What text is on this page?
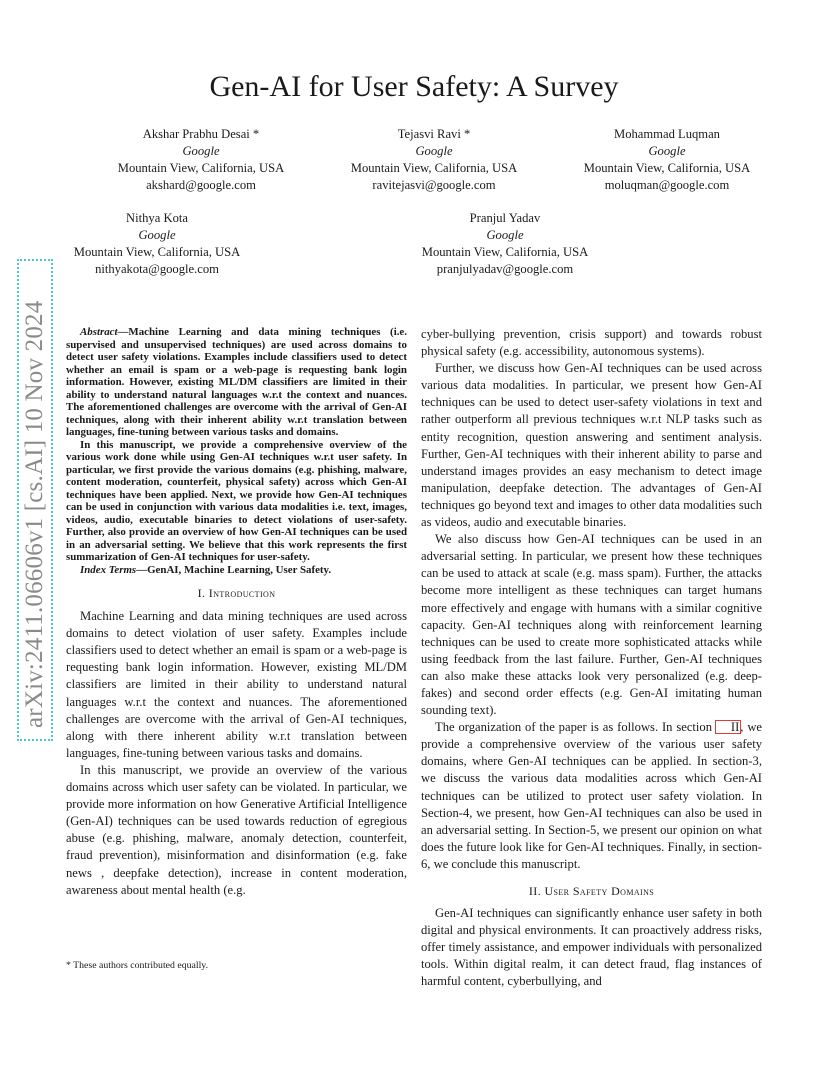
Gen-AI for User Safety: A Survey
Akshar Prabhu Desai *
Google
Mountain View, California, USA
akshard@google.com
Tejasvi Ravi *
Google
Mountain View, California, USA
ravitejasvi@google.com
Mohammad Luqman
Google
Mountain View, California, USA
moluqman@google.com
Nithya Kota
Google
Mountain View, California, USA
nithyakota@google.com
Pranjul Yadav
Google
Mountain View, California, USA
pranjulyadav@google.com
arXiv:2411.06606v1 [cs.AI] 10 Nov 2024	Abstract—Machine Learning and data mining techniques (i.e. supervised and unsupervised techniques) are used across domains to detect user safety violations. Examples include classifiers used to detect whether an email is spam or a web-page is requesting bank login information. However, existing ML/DM classifiers are limited in their ability to understand natural languages w.r.t the context and nuances. The aforementioned challenges are overcome with the arrival of Gen-AI techniques, along with their inherent ability w.r.t translation between languages, fine-tuning between various tasks and domains.

In this manuscript, we provide a comprehensive overview of the various work done while using Gen-AI techniques w.r.t user safety. In particular, we first provide the various domains (e.g. phishing, malware, content moderation, counterfeit, physical safety) across which Gen-AI techniques have been applied. Next, we provide how Gen-AI techniques can be used in conjunction with various data modalities i.e. text, images, videos, audio, executable binaries to detect violations of user-safety. Further, also provide an overview of how Gen-AI techniques can be used in an adversarial setting. We believe that this work represents the first summarization of Gen-AI techniques for user-safety.

Index Terms—GenAI, Machine Learning, User Safety.

I. Introduction

Machine Learning and data mining techniques are used across domains to detect violation of user safety. Examples include classifiers used to detect whether an email is spam or a web-page is requesting bank login information. However, existing ML/DM classifiers are limited in their ability to understand natural languages w.r.t the context and nuances. The aforementioned challenges are overcome with the arrival of Gen-AI techniques, along with there inherent ability w.r.t translation between languages, fine-tuning between various tasks and domains.

In this manuscript, we provide an overview of the various domains across which user safety can be violated. In particular, we provide more information on how Generative Artificial Intelligence (Gen-AI) techniques can be used towards reduction of egregious abuse (e.g. phishing, malware, anomaly detection, counterfeit, fraud prevention), misinformation and disinformation (e.g. fake news , deepfake detection), increase in content moderation, awareness about mental health (e.g.

cyber-bullying prevention, crisis support) and towards robust physical safety (e.g. accessibility, autonomous systems).

Further, we discuss how Gen-AI techniques can be used across various data modalities. In particular, we present how Gen-AI techniques can be used to detect user-safety violations in text and rather outperform all previous techniques w.r.t NLP tasks such as entity recognition, question answering and sentiment analysis. Further, Gen-AI techniques with their inherent ability to parse and understand images provides an easy mechanism to detect image manipulation, deepfake detection. The advantages of Gen-AI techniques go beyond text and images to other data modalities such as videos, audio and executable binaries.

We also discuss how Gen-AI techniques can be used in an adversarial setting. In particular, we present how these techniques can be used to attack at scale (e.g. mass spam). Further, the attacks become more intelligent as these techniques can target humans more effectively and engage with humans with a similar cognitive capacity. Gen-AI techniques along with reinforcement learning techniques can be used to create more sophisticated attacks while using feedback from the last failure. Further, Gen-AI techniques can also make these attacks look very personalized (e.g. deep-fakes) and second order effects (e.g. Gen-AI imitating human sounding text).

The organization of the paper is as follows. In section II, we provide a comprehensive overview of the various user safety domains, where Gen-AI techniques can be applied. In section-3, we discuss the various data modalities across which Gen-AI techniques can be utilized to protect user safety violation. In Section-4, we present, how Gen-AI techniques can also be used in an adversarial setting. In Section-5, we present our opinion on what does the future look like for Gen-AI techniques. Finally, in section-6, we conclude this manuscript.

II. User Safety Domains

Gen-AI techniques can significantly enhance user safety in both digital and physical environments. It can proactively address risks, offer timely assistance, and empower individuals with personalized tools. Within digital realm, it can detect fraud, flag instances of harmful content, cyberbullying, and

* These authors contributed equally.
